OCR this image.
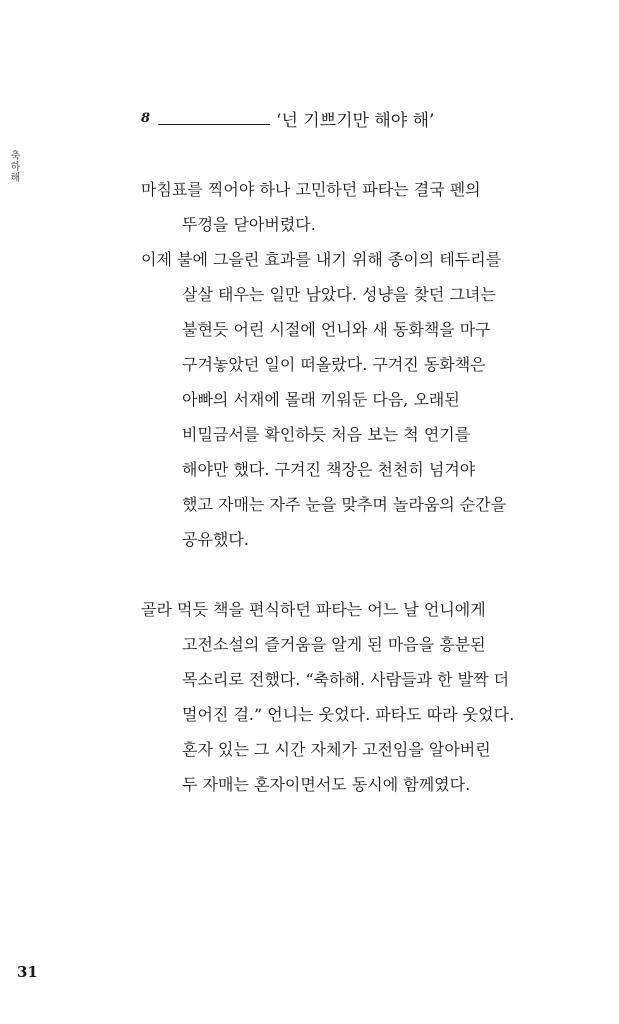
8	‘넌 기쁘기만 해야 해’
축하해
마침표를 찍어야 하나 고민하던 파타는 결국 펜의
뚜껑을 닫아버렸다.
이제 불에 그을린 효과를 내기 위해 종이의 테두리를
살살 태우는 일만 남았다. 성냥을 찾던 그녀는
불현듯 어린 시절에 언니와 새 동화책을 마구
구겨놓았던 일이 떠올랐다. 구겨진 동화책은
아빠의 서재에 몰래 끼워둔 다음, 오래된
비밀금서를 확인하듯 처음 보는 척 연기를
해야만 했다. 구겨진 책장은 천천히 넘겨야
했고 자매는 자주 눈을 맞추며 놀라움의 순간을
공유했다.
골라 먹듯 책을 편식하던 파타는 어느 날 언니에게
고전소설의 즐거움을 알게 된 마음을 흥분된
목소리로 전했다. “축하해. 사람들과 한 발짝 더
멀어진 걸.” 언니는 웃었다. 파타도 따라 웃었다.
혼자 있는 그 시간 자체가 고전임을 알아버린
두 자매는 혼자이면서도 동시에 함께였다.
31
